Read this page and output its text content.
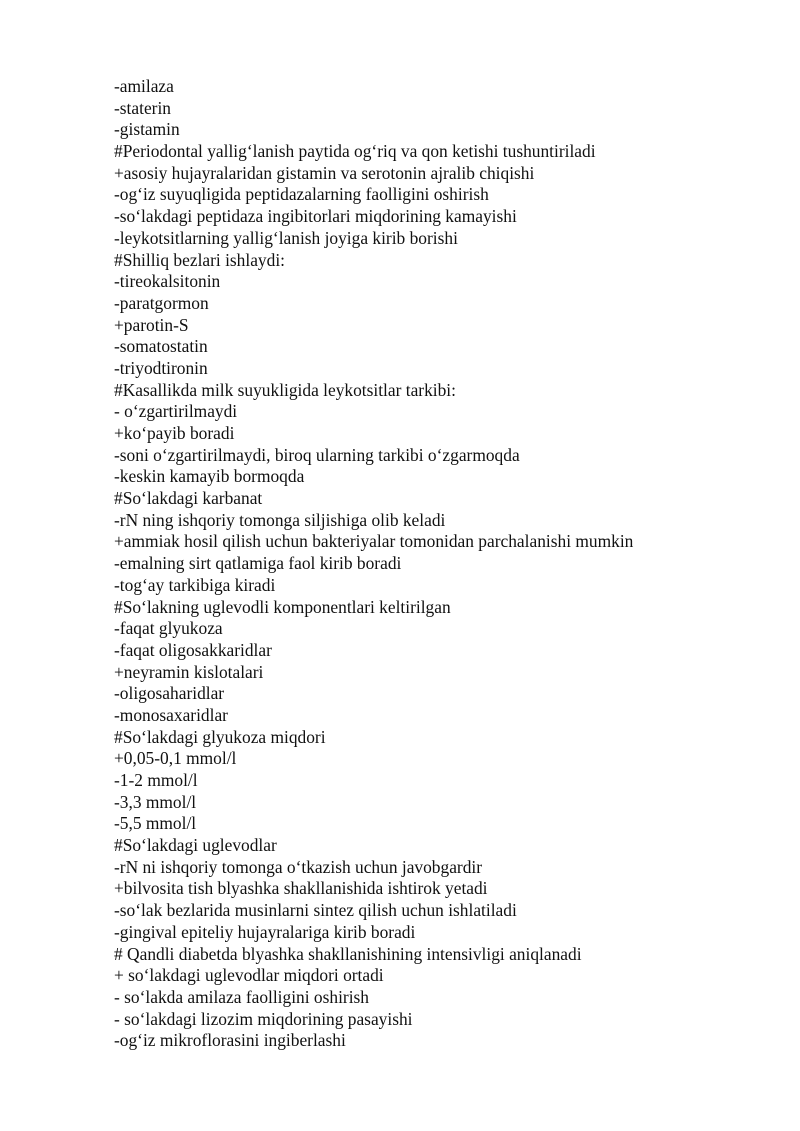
-amilaza
-staterin
-gistamin
#Periodontal yallig‘lanish paytida og‘riq va qon ketishi tushuntiriladi
+asosiy hujayralaridan gistamin va serotonin ajralib chiqishi
-og‘iz suyuqligida peptidazalarning faolligini oshirish
-so‘lakdagi peptidaza ingibitorlari miqdorining kamayishi
-leykotsitlarning yallig‘lanish joyiga kirib borishi
#Shilliq bezlari ishlaydi:
-tireokalsitonin
-paratgormon
+parotin-S
-somatostatin
-triyodtironin
#Kasallikda milk suyukligida leykotsitlar tarkibi:
- o‘zgartirilmaydi
+ko‘payib boradi
-soni o‘zgartirilmaydi, biroq ularning tarkibi o‘zgarmoqda
-keskin kamayib bormoqda
#So‘lakdagi karbanat
-rN ning ishqoriy tomonga siljishiga olib keladi
+ammiak hosil qilish uchun bakteriyalar tomonidan parchalanishi mumkin
-emalning sirt qatlamiga faol kirib boradi
-tog‘ay tarkibiga kiradi
#So‘lakning uglevodli komponentlari keltirilgan
-faqat glyukoza
-faqat oligosakkaridlar
+neyramin kislotalari
-oligosaharidlar
-monosaxaridlar
#So‘lakdagi glyukoza miqdori
+0,05-0,1 mmol/l
-1-2 mmol/l
-3,3 mmol/l
-5,5 mmol/l
#So‘lakdagi uglevodlar
-rN ni ishqoriy tomonga o‘tkazish uchun javobgardir
+bilvosita tish blyashka shakllanishida ishtirok yetadi
-so‘lak bezlarida musinlarni sintez qilish uchun ishlatiladi
-gingival epiteliy hujayralariga kirib boradi
# Qandli diabetda blyashka shakllanishining intensivligi aniqlanadi
+ so‘lakdagi uglevodlar miqdori ortadi
- so‘lakda amilaza faolligini oshirish
- so‘lakdagi lizozim miqdorining pasayishi
-og‘iz mikroflorasini ingiberlashi
